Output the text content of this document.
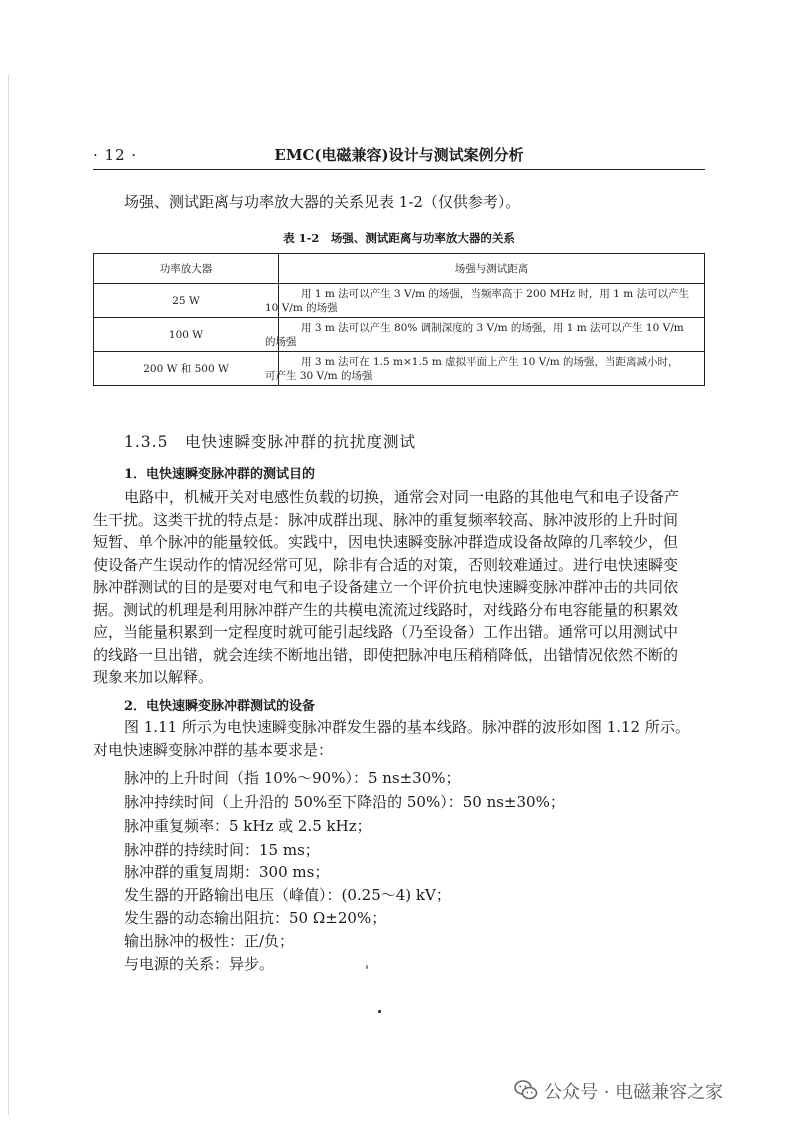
· 12 ·	EMC(电磁兼容)设计与测试案例分析
场强、测试距离与功率放大器的关系见表 1-2（仅供参考）。
表 1-2　场强、测试距离与功率放大器的关系
功率放大器	场强与测试距离
25 W	用 1 m 法可以产生 3 V/m 的场强，当频率高于 200 MHz 时，用 1 m 法可以产生
10 V/m 的场强
100 W	用 3 m 法可以产生 80% 调制深度的 3 V/m 的场强，用 1 m 法可以产生 10 V/m
的场强
200 W 和 500 W	用 3 m 法可在 1.5 m×1.5 m 虚拟平面上产生 10 V/m 的场强，当距离减小时，
可产生 30 V/m 的场强
1.3.5　电快速瞬变脉冲群的抗扰度测试
1．电快速瞬变脉冲群的测试目的
电路中，机械开关对电感性负载的切换，通常会对同一电路的其他电气和电子设备产
生干扰。这类干扰的特点是：脉冲成群出现、脉冲的重复频率较高、脉冲波形的上升时间
短暂、单个脉冲的能量较低。实践中，因电快速瞬变脉冲群造成设备故障的几率较少，但
使设备产生误动作的情况经常可见，除非有合适的对策，否则较难通过。进行电快速瞬变
脉冲群测试的目的是要对电气和电子设备建立一个评价抗电快速瞬变脉冲群冲击的共同依
据。测试的机理是利用脉冲群产生的共模电流流过线路时，对线路分布电容能量的积累效
应，当能量积累到一定程度时就可能引起线路（乃至设备）工作出错。通常可以用测试中
的线路一旦出错，就会连续不断地出错，即使把脉冲电压稍稍降低，出错情况依然不断的
现象来加以解释。
2．电快速瞬变脉冲群测试的设备
图 1.11 所示为电快速瞬变脉冲群发生器的基本线路。脉冲群的波形如图 1.12 所示。
对电快速瞬变脉冲群的基本要求是：
脉冲的上升时间（指 10%～90%）：5 ns±30%；
脉冲持续时间（上升沿的 50%至下降沿的 50%）：50 ns±30%；
脉冲重复频率：5 kHz 或 2.5 kHz；
脉冲群的持续时间：15 ms；
脉冲群的重复周期：300 ms；
发生器的开路输出电压（峰值）：(0.25～4) kV；
发生器的动态输出阻抗：50 Ω±20%；
输出脉冲的极性：正/负；
与电源的关系：异步。
公众号 · 电磁兼容之家
